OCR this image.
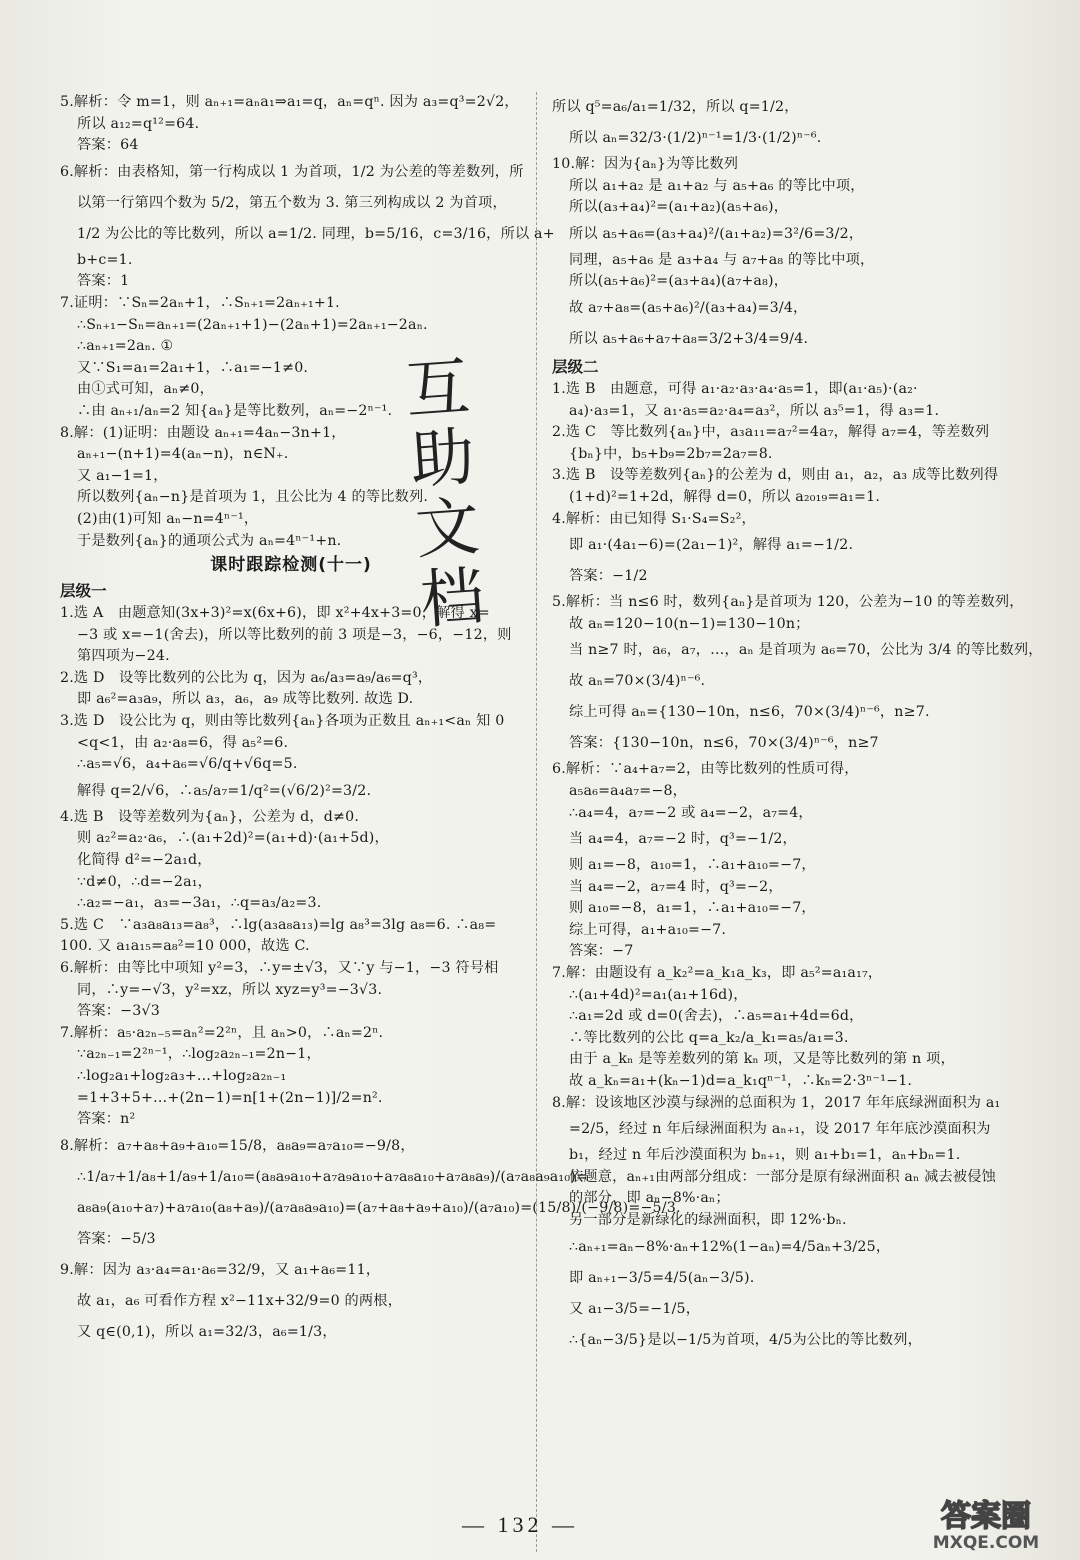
5.解析：令 m=1，则 aₙ₊₁=aₙa₁⇒a₁=q，aₙ=qⁿ. 因为 a₃=q³=2√2，
所以 a₁₂=q¹²=64.
答案：64
6.解析：由表格知，第一行构成以 1 为首项，1/2 为公差的等差数列，所
以第一行第四个数为 5/2，第五个数为 3. 第三列构成以 2 为首项，
1/2 为公比的等比数列，所以 a=1/2. 同理，b=5/16，c=3/16，所以 a+
b+c=1.
答案：1
7.证明：∵Sₙ=2aₙ+1，∴Sₙ₊₁=2aₙ₊₁+1.
∴Sₙ₊₁−Sₙ=aₙ₊₁=(2aₙ₊₁+1)−(2aₙ+1)=2aₙ₊₁−2aₙ.
∴aₙ₊₁=2aₙ. ①
又∵S₁=a₁=2a₁+1，∴a₁=−1≠0.
由①式可知，aₙ≠0，
∴由 aₙ₊₁/aₙ=2 知{aₙ}是等比数列，aₙ=−2ⁿ⁻¹.
8.解：(1)证明：由题设 aₙ₊₁=4aₙ−3n+1，
aₙ₊₁−(n+1)=4(aₙ−n)，n∈N₊.
又 a₁−1=1，
所以数列{aₙ−n}是首项为 1，且公比为 4 的等比数列.
(2)由(1)可知 aₙ−n=4ⁿ⁻¹，
于是数列{aₙ}的通项公式为 aₙ=4ⁿ⁻¹+n.
课时跟踪检测(十一)
层级一
1.选 A　由题意知(3x+3)²=x(6x+6)，即 x²+4x+3=0，解得 x=
−3 或 x=−1(舍去)，所以等比数列的前 3 项是−3，−6，−12，则
第四项为−24.
2.选 D　设等比数列的公比为 q，因为 a₆/a₃=a₉/a₆=q³，
即 a₆²=a₃a₉，所以 a₃，a₆，a₉ 成等比数列. 故选 D.
3.选 D　设公比为 q，则由等比数列{aₙ}各项为正数且 aₙ₊₁<aₙ 知 0
<q<1，由 a₂·a₈=6，得 a₅²=6.
∴a₅=√6，a₄+a₆=√6/q+√6q=5.
解得 q=2/√6，∴a₅/a₇=1/q²=(√6/2)²=3/2.
4.选 B　设等差数列为{aₙ}，公差为 d，d≠0.
则 a₂²=a₂·a₆，∴(a₁+2d)²=(a₁+d)·(a₁+5d)，
化简得 d²=−2a₁d，
∵d≠0，∴d=−2a₁，
∴a₂=−a₁，a₃=−3a₁，∴q=a₃/a₂=3.
5.选 C　∵a₃a₈a₁₃=a₈³，∴lg(a₃a₈a₁₃)=lg a₈³=3lg a₈=6. ∴a₈=
100. 又 a₁a₁₅=a₈²=10 000，故选 C.
6.解析：由等比中项知 y²=3，∴y=±√3，又∵y 与−1，−3 符号相
同，∴y=−√3，y²=xz，所以 xyz=y³=−3√3.
答案：−3√3
7.解析：a₅·a₂ₙ₋₅=aₙ²=2²ⁿ，且 aₙ>0，∴aₙ=2ⁿ.
∵a₂ₙ₋₁=2²ⁿ⁻¹，∴log₂a₂ₙ₋₁=2n−1，
∴log₂a₁+log₂a₃+…+log₂a₂ₙ₋₁
=1+3+5+…+(2n−1)=n[1+(2n−1)]/2=n².
答案：n²
8.解析：a₇+a₈+a₉+a₁₀=15/8，a₈a₉=a₇a₁₀=−9/8，
∴1/a₇+1/a₈+1/a₉+1/a₁₀=(a₈a₉a₁₀+a₇a₉a₁₀+a₇a₈a₁₀+a₇a₈a₉)/(a₇a₈a₉a₁₀)=
a₈a₉(a₁₀+a₇)+a₇a₁₀(a₈+a₉)/(a₇a₈a₉a₁₀)=(a₇+a₈+a₉+a₁₀)/(a₇a₁₀)=(15/8)/(−9/8)=−5/3.
答案：−5/3
9.解：因为 a₃·a₄=a₁·a₆=32/9，又 a₁+a₆=11，
故 a₁，a₆ 可看作方程 x²−11x+32/9=0 的两根，
又 q∈(0,1)，所以 a₁=32/3，a₆=1/3，
所以 q⁵=a₆/a₁=1/32，所以 q=1/2，
所以 aₙ=32/3·(1/2)ⁿ⁻¹=1/3·(1/2)ⁿ⁻⁶.
10.解：因为{aₙ}为等比数列
所以 a₁+a₂ 是 a₁+a₂ 与 a₅+a₆ 的等比中项，
所以(a₃+a₄)²=(a₁+a₂)(a₅+a₆)，
所以 a₅+a₆=(a₃+a₄)²/(a₁+a₂)=3²/6=3/2，
同理，a₅+a₆ 是 a₃+a₄ 与 a₇+a₈ 的等比中项，
所以(a₅+a₆)²=(a₃+a₄)(a₇+a₈)，
故 a₇+a₈=(a₅+a₆)²/(a₃+a₄)=3/4，
所以 a₅+a₆+a₇+a₈=3/2+3/4=9/4.
层级二
1.选 B　由题意，可得 a₁·a₂·a₃·a₄·a₅=1，即(a₁·a₅)·(a₂·
a₄)·a₃=1，又 a₁·a₅=a₂·a₄=a₃²，所以 a₃⁵=1，得 a₃=1.
2.选 C　等比数列{aₙ}中，a₃a₁₁=a₇²=4a₇，解得 a₇=4，等差数列
{bₙ}中，b₅+b₉=2b₇=2a₇=8.
3.选 B　设等差数列{aₙ}的公差为 d，则由 a₁，a₂，a₃ 成等比数列得
(1+d)²=1+2d，解得 d=0，所以 a₂₀₁₉=a₁=1.
4.解析：由已知得 S₁·S₄=S₂²，
即 a₁·(4a₁−6)=(2a₁−1)²，解得 a₁=−1/2.
答案：−1/2
5.解析：当 n≤6 时，数列{aₙ}是首项为 120，公差为−10 的等差数列，
故 aₙ=120−10(n−1)=130−10n；
当 n≥7 时，a₆，a₇，…，aₙ 是首项为 a₆=70，公比为 3/4 的等比数列，
故 aₙ=70×(3/4)ⁿ⁻⁶.
综上可得 aₙ={130−10n，n≤6，70×(3/4)ⁿ⁻⁶，n≥7.
答案：{130−10n，n≤6，70×(3/4)ⁿ⁻⁶，n≥7
6.解析：∵a₄+a₇=2，由等比数列的性质可得，
a₅a₆=a₄a₇=−8，
∴a₄=4，a₇=−2 或 a₄=−2，a₇=4，
当 a₄=4，a₇=−2 时，q³=−1/2，
则 a₁=−8，a₁₀=1，∴a₁+a₁₀=−7，
当 a₄=−2，a₇=4 时，q³=−2，
则 a₁₀=−8，a₁=1，∴a₁+a₁₀=−7，
综上可得，a₁+a₁₀=−7.
答案：−7
7.解：由题设有 a_k₂²=a_k₁a_k₃，即 a₅²=a₁a₁₇，
∴(a₁+4d)²=a₁(a₁+16d)，
∴a₁=2d 或 d=0(舍去)，∴a₅=a₁+4d=6d，
∴等比数列的公比 q=a_k₂/a_k₁=a₅/a₁=3.
由于 a_kₙ 是等差数列的第 kₙ 项，又是等比数列的第 n 项，
故 a_kₙ=a₁+(kₙ−1)d=a_k₁qⁿ⁻¹，∴kₙ=2·3ⁿ⁻¹−1.
8.解：设该地区沙漠与绿洲的总面积为 1，2017 年年底绿洲面积为 a₁
=2/5，经过 n 年后绿洲面积为 aₙ₊₁，设 2017 年年底沙漠面积为
b₁，经过 n 年后沙漠面积为 bₙ₊₁，则 a₁+b₁=1，aₙ+bₙ=1.
依题意，aₙ₊₁由两部分组成：一部分是原有绿洲面积 aₙ 减去被侵蚀
的部分，即 aₙ−8%·aₙ；
另一部分是新绿化的绿洲面积，即 12%·bₙ.
∴aₙ₊₁=aₙ−8%·aₙ+12%(1−aₙ)=4/5aₙ+3/25，
即 aₙ₊₁−3/5=4/5(aₙ−3/5).
又 a₁−3/5=−1/5，
∴{aₙ−3/5}是以−1/5为首项，4/5为公比的等比数列，
互助文档
— 132 —	答案圈
MXQE.COM
